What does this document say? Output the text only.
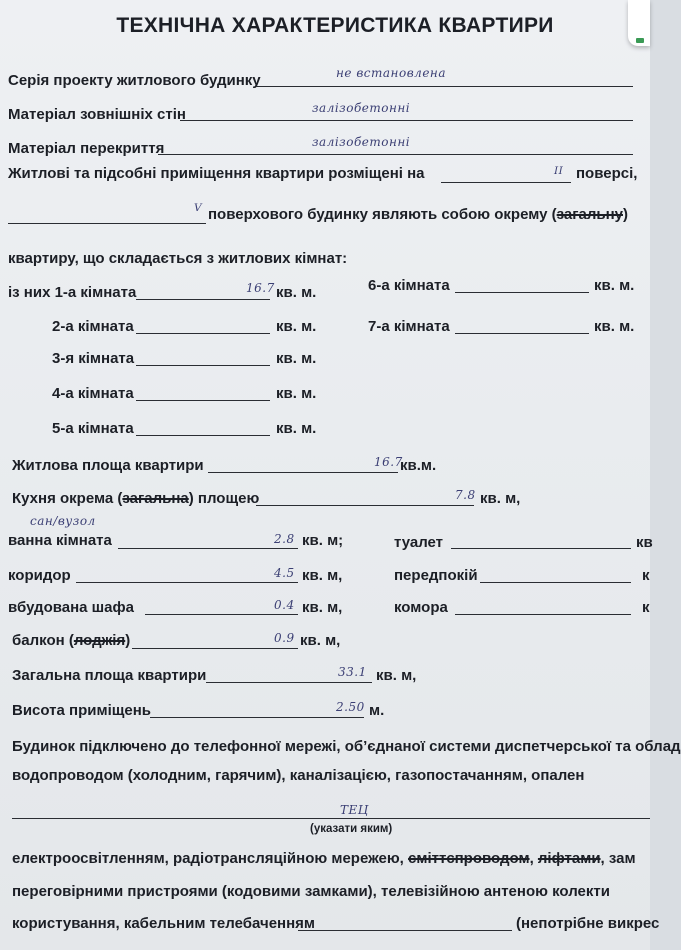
ТЕХНІЧНА ХАРАКТЕРИСТИКА КВАРТИРИ
Серія проекту житлового будинку	не встановлена
Матеріал зовнішніх стін	залізобетонні
Матеріал перекриття	залізобетонні
Житлові та підсобні приміщення квартири розміщені на	ІІ поверсі,
V поверхового будинку являють собою окрему (загальну)
квартиру, що складається з житлових кімнат:
із них 1-а кімната	16.7 кв. м.
2-а кімната	кв. м.
3-я кімната	кв. м.
4-а кімната	кв. м.
5-а кімната	кв. м.
6-а кімната	кв. м.
7-а кімната	кв. м.
Житлова площа квартири	16.7
кв.м.
Кухня окрема (загальна) площею	7.8 кв. м,
сан/вузол
ванна кімната	2.8 кв. м;	туалет	кв
коридор	4.5 кв. м,	передпокій	к
вбудована шафа	0.4 кв. м,	комора	к
балкон (лоджія)	0.9 кв. м,
Загальна площа квартири	33.1 кв. м,
Висота приміщень	2.50 м.
Будинок підключено до телефонної мережі, об’єднаної системи диспетчерської та облад
водопроводом (холодним, гарячим), каналізацією, газопостачанням, опален
ТЕЦ
(указати яким)
електроосвітленням, радіотрансляційною мережею, сміттєпроводом, ліфтами, зам
переговірними пристроями (кодовими замками), телевізійною антеною колекти
користування, кабельним телебаченням	(непотрібне викрес
